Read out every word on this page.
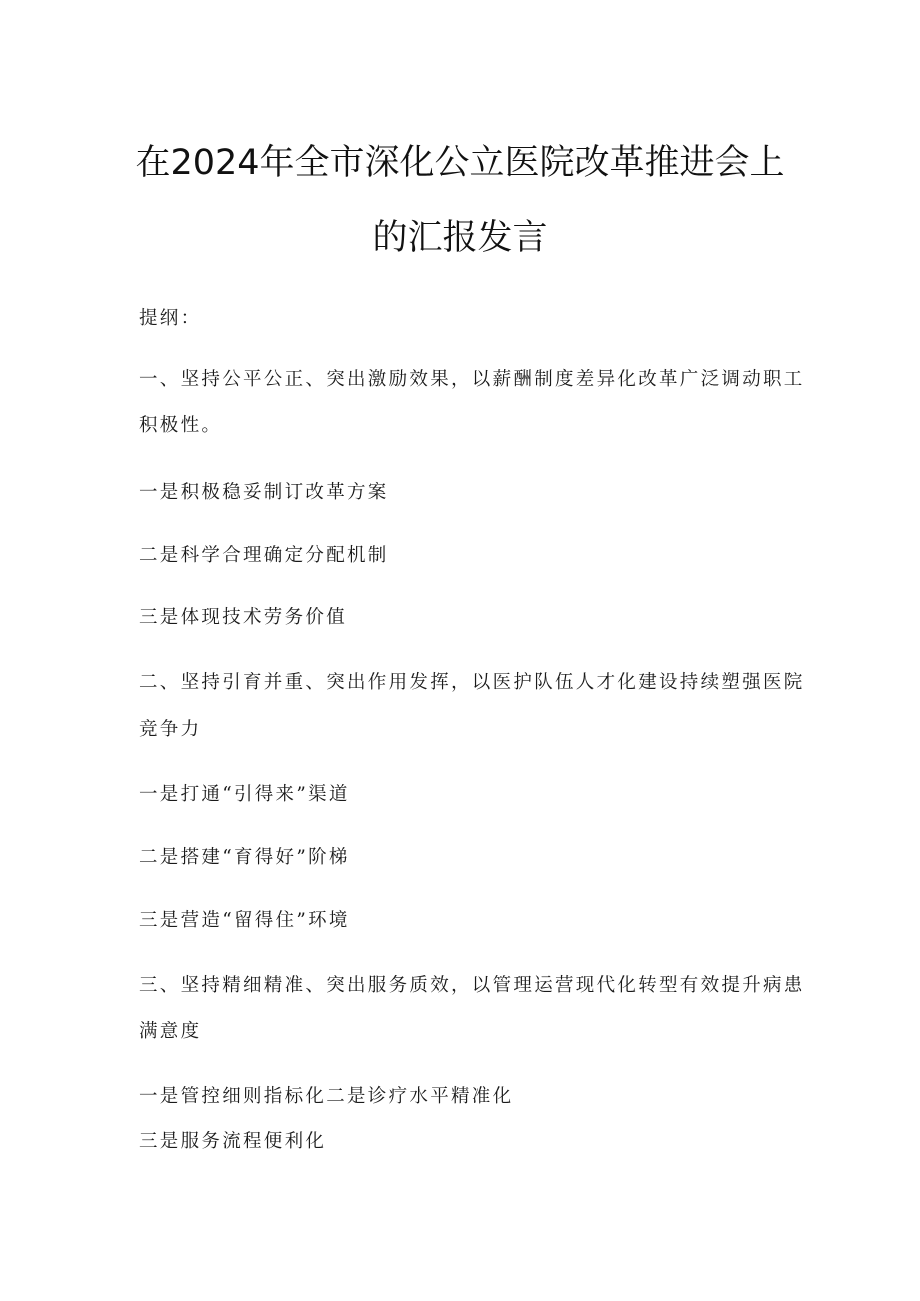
在2024年全市深化公立医院改革推进会上
的汇报发言
提纲：
一、坚持公平公正、突出激励效果，以薪酬制度差异化改革广泛调动职工
积极性。
一是积极稳妥制订改革方案
二是科学合理确定分配机制
三是体现技术劳务价值
二、坚持引育并重、突出作用发挥，以医护队伍人才化建设持续塑强医院
竞争力
一是打通“引得来”渠道
二是搭建“育得好”阶梯
三是营造“留得住”环境
三、坚持精细精准、突出服务质效，以管理运营现代化转型有效提升病患
满意度
一是管控细则指标化二是诊疗水平精准化
三是服务流程便利化
